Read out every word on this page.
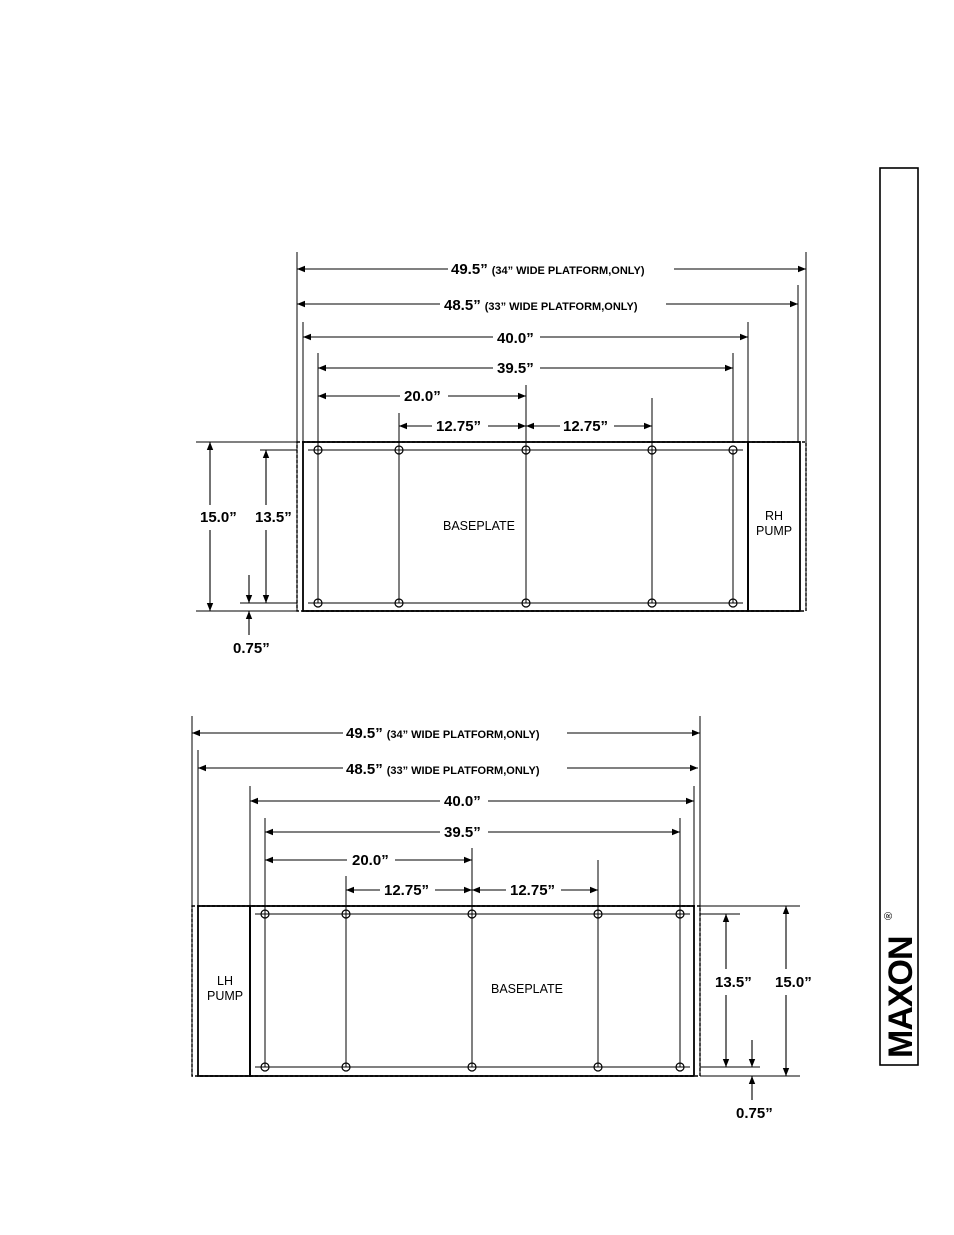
MAXON
®
49.5” (34” WIDE PLATFORM,ONLY)
48.5” (33” WIDE PLATFORM,ONLY)
40.0”
39.5”
20.0”
12.75”	12.75”
15.0” 13.5”
0.75”
BASEPLATE
RH
PUMP
49.5” (34” WIDE PLATFORM,ONLY)
48.5” (33” WIDE PLATFORM,ONLY)
40.0”
39.5”
20.0”
12.75”	12.75”
15.0”
13.5”
0.75”
BASEPLATE
LH
PUMP
